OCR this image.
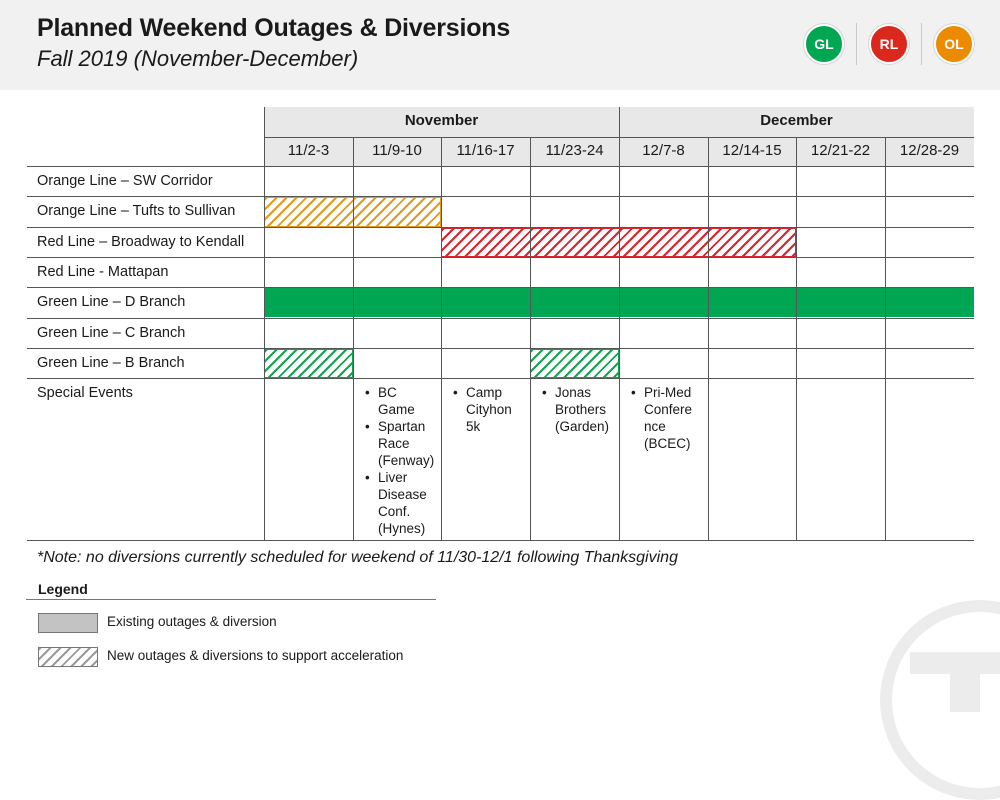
Planned Weekend Outages & Diversions
Fall 2019 (November-December)
GL	RL	OL
November	December
11/2-3	11/9-10	11/16-17	11/23-24	12/7-8	12/14-15	12/21-22	12/28-29
Orange Line – SW Corridor
Orange Line – Tufts to Sullivan
Red Line – Broadway to Kendall
Red Line - Mattapan
Green Line – D Branch
Green Line – C Branch
Green Line – B Branch
Special Events
•	BC Game
• Spartan Race (Fenway)
• Liver Disease Conf. (Hynes)
• Camp Cityhon 5k
• Jonas Brothers (Garden)
• Pri-Med Confere nce (BCEC)
*Note: no diversions currently scheduled for weekend of 11/30-12/1 following Thanksgiving
Legend
Existing outages & diversion
New outages & diversions to support acceleration
